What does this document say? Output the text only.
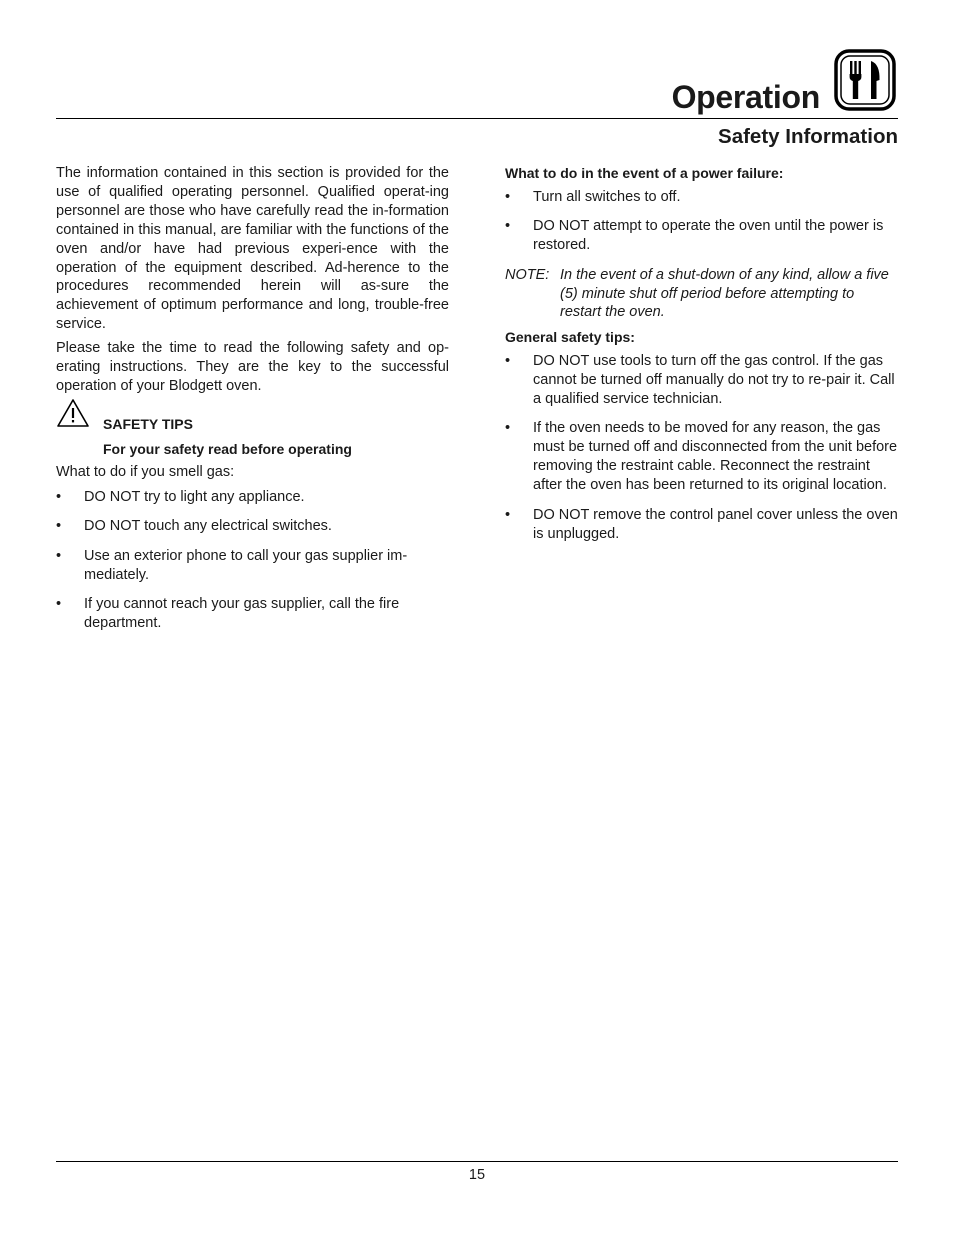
Operation
Safety Information

The information contained in this section is provided for the use of qualified operating personnel. Qualified operat-ing personnel are those who have carefully read the in-formation contained in this manual, are familiar with the functions of the oven and/or have had previous experi-ence with the operation of the equipment described. Ad-herence to the procedures recommended herein will as-sure the achievement of optimum performance and long, trouble-free service.

Please take the time to read the following safety and op-erating instructions. They are the key to the successful operation of your Blodgett oven.

SAFETY TIPS
For your safety read before operating

What to do if you smell gas:

• DO NOT try to light any appliance.
• DO NOT touch any electrical switches.
• Use an exterior phone to call your gas supplier im-mediately.
• If you cannot reach your gas supplier, call the fire department.

What to do in the event of a power failure:

• Turn all switches to off.
• DO NOT attempt to operate the oven until the power is restored.
NOTE: In the event of a shut-down of any kind, allow a five (5) minute shut off period before attempting to restart the oven.

General safety tips:

• DO NOT use tools to turn off the gas control. If the gas cannot be turned off manually do not try to re-pair it. Call a qualified service technician.
• If the oven needs to be moved for any reason, the gas must be turned off and disconnected from the unit before removing the restraint cable. Reconnect the restraint after the oven has been returned to its original location.
• DO NOT remove the control panel cover unless the oven is unplugged.
15
